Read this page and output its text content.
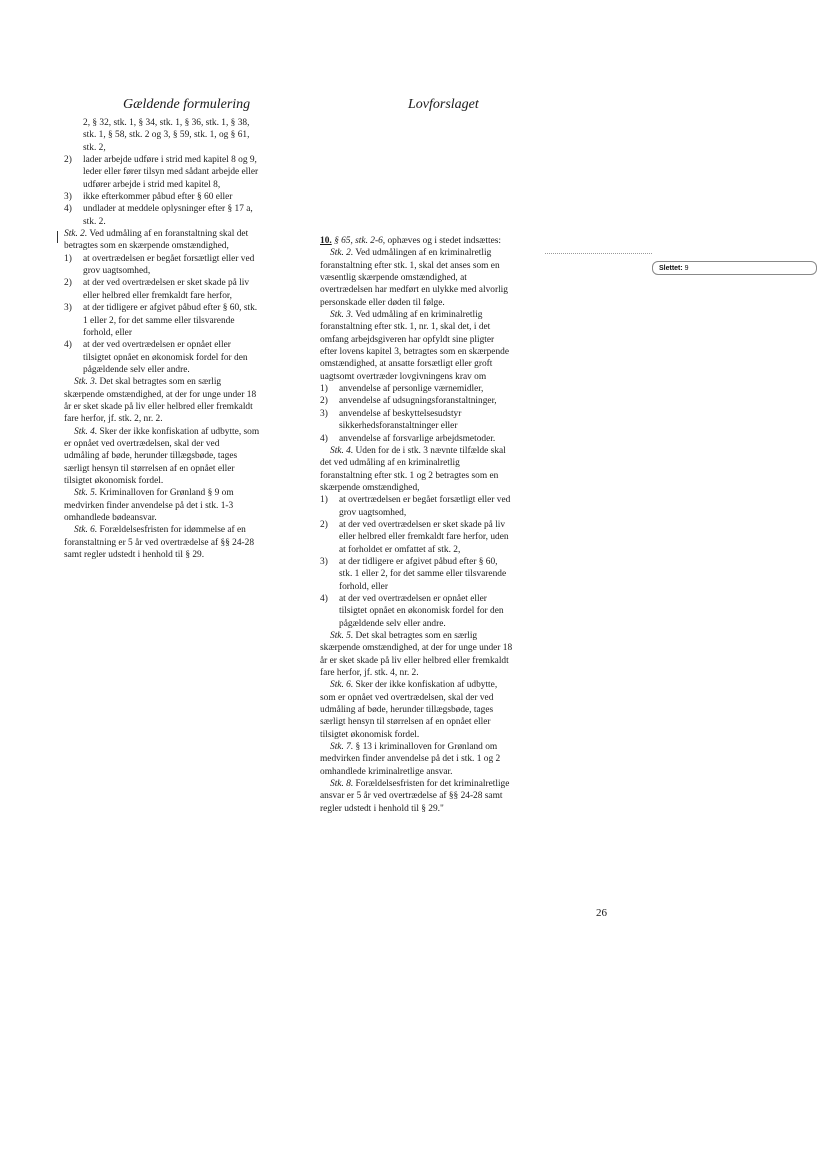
Gældende formulering	Lovforslaget
2, § 32, stk. 1, § 34, stk. 1, § 36, stk. 1, § 38,
stk. 1, § 58, stk. 2 og 3, § 59, stk. 1, og § 61,
stk. 2,
2)	lader arbejde udføre i strid med kapitel 8 og 9,
leder eller fører tilsyn med sådant arbejde eller
udfører arbejde i strid med kapitel 8,
3)	ikke efterkommer påbud efter § 60 eller
4)	undlader at meddele oplysninger efter § 17 a,
stk. 2.

Stk. 2. Ved udmåling af en foranstaltning skal det
betragtes som en skærpende omstændighed,

1)	at overtrædelsen er begået forsætligt eller ved
grov uagtsomhed,
2)	at der ved overtrædelsen er sket skade på liv
eller helbred eller fremkaldt fare herfor,
3)	at der tidligere er afgivet påbud efter § 60, stk.
1 eller 2, for det samme eller tilsvarende
forhold, eller
4)	at der ved overtrædelsen er opnået eller
tilsigtet opnået en økonomisk fordel for den
pågældende selv eller andre.

Stk. 3. Det skal betragtes som en særlig
skærpende omstændighed, at der for unge under 18
år er sket skade på liv eller helbred eller fremkaldt
fare herfor, jf. stk. 2, nr. 2.

Stk. 4. Sker der ikke konfiskation af udbytte, som
er opnået ved overtrædelsen, skal der ved
udmåling af bøde, herunder tillægsbøde, tages
særligt hensyn til størrelsen af en opnået eller
tilsigtet økonomisk fordel.

Stk. 5. Kriminalloven for Grønland § 9 om
medvirken finder anvendelse på det i stk. 1-3
omhandlede bødeansvar.

Stk. 6. Forældelsesfristen for idømmelse af en
foranstaltning er 5 år ved overtrædelse af §§ 24-28
samt regler udstedt i henhold til § 29.

10. § 65, stk. 2-6, ophæves og i stedet indsættes:

Stk. 2. Ved udmålingen af en kriminalretlig
foranstaltning efter stk. 1, skal det anses som en
væsentlig skærpende omstændighed, at
overtrædelsen har medført en ulykke med alvorlig
personskade eller døden til følge.

Stk. 3. Ved udmåling af en kriminalretlig
foranstaltning efter stk. 1, nr. 1, skal det, i det
omfang arbejdsgiveren har opfyldt sine pligter
efter lovens kapitel 3, betragtes som en skærpende
omstændighed, at ansatte forsætligt eller groft
uagtsomt overtræder lovgivningens krav om

1)	anvendelse af personlige værnemidler,
2)	anvendelse af udsugningsforanstaltninger,
3)	anvendelse af beskyttelsesudstyr
sikkerhedsforanstaltninger eller
4)	anvendelse af forsvarlige arbejdsmetoder.

Stk. 4. Uden for de i stk. 3 nævnte tilfælde skal
det ved udmåling af en kriminalretlig
foranstaltning efter stk. 1 og 2 betragtes som en
skærpende omstændighed,

1)	at overtrædelsen er begået forsætligt eller ved
grov uagtsomhed,
2)	at der ved overtrædelsen er sket skade på liv
eller helbred eller fremkaldt fare herfor, uden
at forholdet er omfattet af stk. 2,
3)	at der tidligere er afgivet påbud efter § 60,
stk. 1 eller 2, for det samme eller tilsvarende
forhold, eller
4)	at der ved overtrædelsen er opnået eller
tilsigtet opnået en økonomisk fordel for den
pågældende selv eller andre.

Stk. 5. Det skal betragtes som en særlig
skærpende omstændighed, at der for unge under 18
år er sket skade på liv eller helbred eller fremkaldt
fare herfor, jf. stk. 4, nr. 2.

Stk. 6. Sker der ikke konfiskation af udbytte,
som er opnået ved overtrædelsen, skal der ved
udmåling af bøde, herunder tillægsbøde, tages
særligt hensyn til størrelsen af en opnået eller
tilsigtet økonomisk fordel.

Stk. 7. § 13 i kriminalloven for Grønland om
medvirken finder anvendelse på det i stk. 1 og 2
omhandlede kriminalretlige ansvar.

Stk. 8. Forældelsesfristen for det kriminalretlige
ansvar er 5 år ved overtrædelse af §§ 24-28 samt
regler udstedt i henhold til § 29."

Slettet: 9
26
